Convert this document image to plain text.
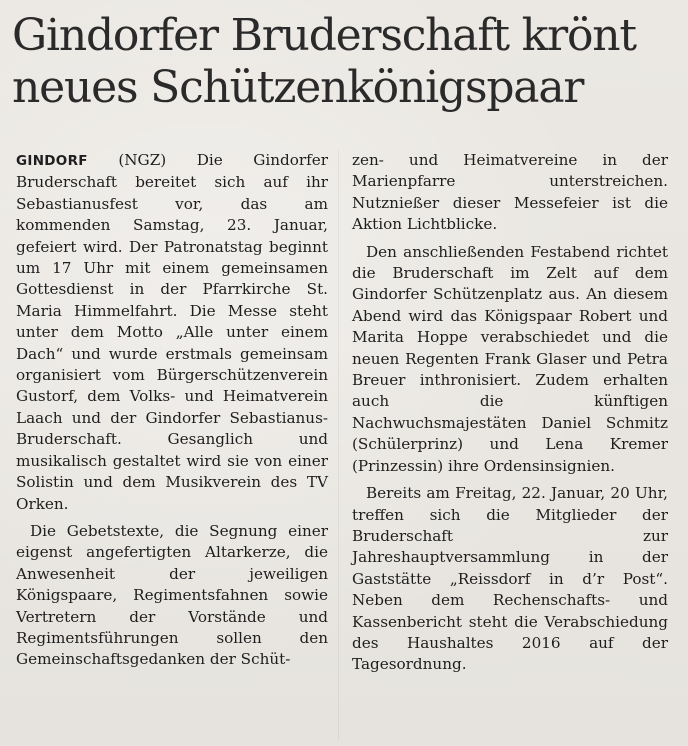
Gindorfer Bruderschaft krönt neues Schützenkönigspaar

GINDORF (NGZ) Die Gindorfer Bruderschaft bereitet sich auf ihr Sebastianusfest vor, das am kommenden Samstag, 23. Januar, gefeiert wird. Der Patronatstag beginnt um 17 Uhr mit einem gemeinsamen Gottesdienst in der Pfarrkirche St. Maria Himmelfahrt. Die Messe steht unter dem Motto „Alle unter einem Dach“ und wurde erstmals gemeinsam organisiert vom Bürgerschützenverein Gustorf, dem Volks- und Heimatverein Laach und der Gindorfer Sebastianus-Bruderschaft. Gesanglich und musikalisch gestaltet wird sie von einer Solistin und dem Musikverein des TV Orken.

Die Gebetstexte, die Segnung einer eigenst angefertigten Altarkerze, die Anwesenheit der jeweiligen Königspaare, Regimentsfahnen sowie Vertretern der Vorstände und Regimentsführungen sollen den Gemeinschaftsgedanken der Schüt-

zen- und Heimatvereine in der Marienpfarre unterstreichen. Nutznießer dieser Messefeier ist die Aktion Lichtblicke.

Den anschließenden Festabend richtet die Bruderschaft im Zelt auf dem Gindorfer Schützenplatz aus. An diesem Abend wird das Königspaar Robert und Marita Hoppe verabschiedet und die neuen Regenten Frank Glaser und Petra Breuer inthronisiert. Zudem erhalten auch die künftigen Nachwuchsmajestäten Daniel Schmitz (Schülerprinz) und Lena Kremer (Prinzessin) ihre Ordensinsignien.

Bereits am Freitag, 22. Januar, 20 Uhr, treffen sich die Mitglieder der Bruderschaft zur Jahreshauptversammlung in der Gaststätte „Reissdorf in d’r Post“. Neben dem Rechenschafts- und Kassenbericht steht die Verabschiedung des Haushaltes 2016 auf der Tagesordnung.
